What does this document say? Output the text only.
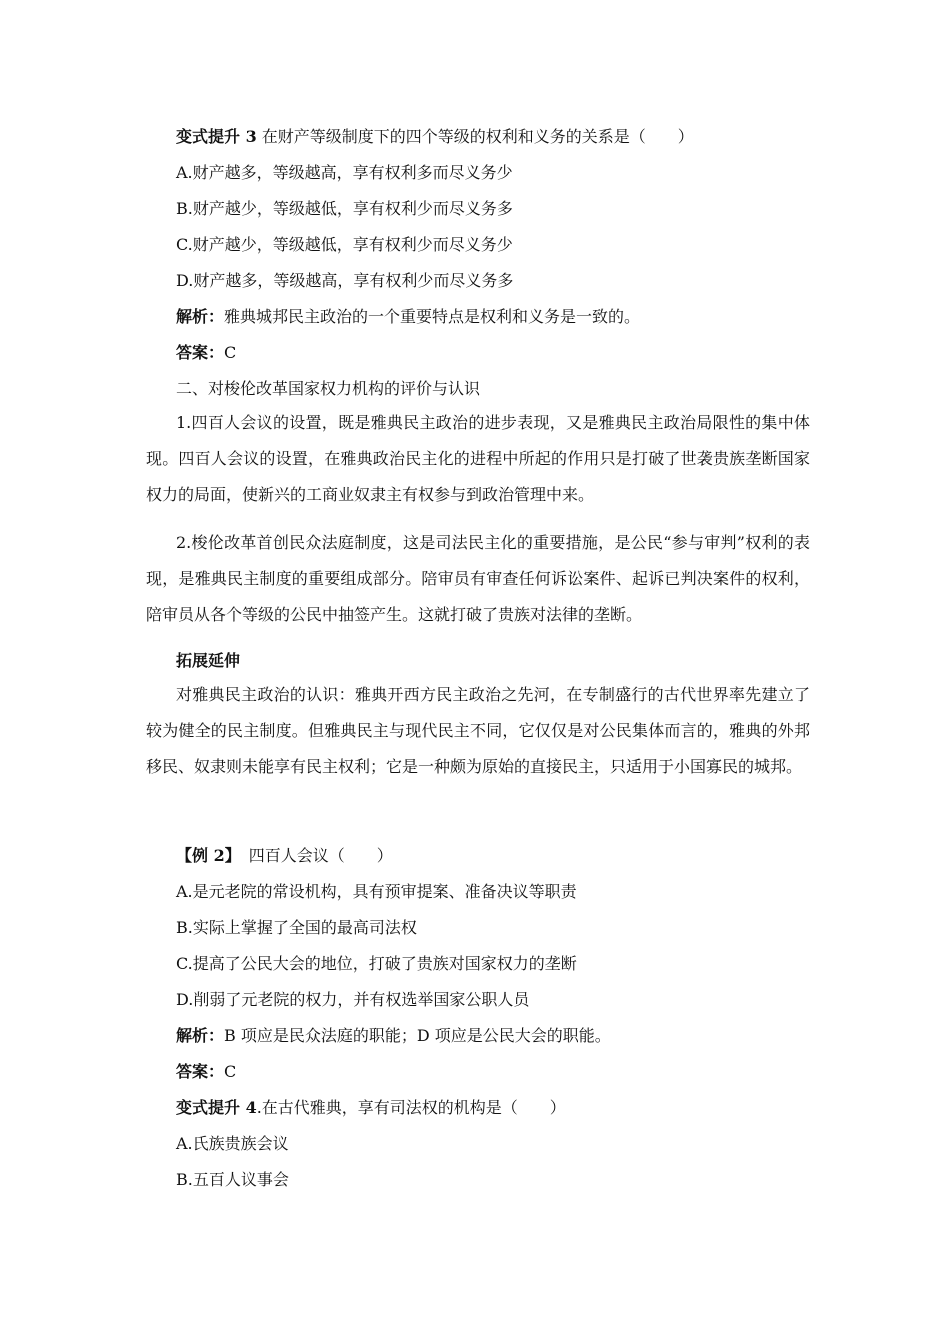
变式提升 3 在财产等级制度下的四个等级的权利和义务的关系是（　　）
A.财产越多，等级越高，享有权利多而尽义务少
B.财产越少，等级越低，享有权利少而尽义务多
C.财产越少，等级越低，享有权利少而尽义务少
D.财产越多，等级越高，享有权利少而尽义务多
解析：雅典城邦民主政治的一个重要特点是权利和义务是一致的。
答案：C
二、对梭伦改革国家权力机构的评价与认识
1.四百人会议的设置，既是雅典民主政治的进步表现，又是雅典民主政治局限性的集中体现。四百人会议的设置，在雅典政治民主化的进程中所起的作用只是打破了世袭贵族垄断国家权力的局面，使新兴的工商业奴隶主有权参与到政治管理中来。
2.梭伦改革首创民众法庭制度，这是司法民主化的重要措施，是公民“参与审判”权利的表现，是雅典民主制度的重要组成部分。陪审员有审查任何诉讼案件、起诉已判决案件的权利，陪审员从各个等级的公民中抽签产生。这就打破了贵族对法律的垄断。
拓展延伸
对雅典民主政治的认识：雅典开西方民主政治之先河，在专制盛行的古代世界率先建立了较为健全的民主制度。但雅典民主与现代民主不同，它仅仅是对公民集体而言的，雅典的外邦移民、奴隶则未能享有民主权利；它是一种颇为原始的直接民主，只适用于小国寡民的城邦。
【例 2】　四百人会议（　　）
A.是元老院的常设机构，具有预审提案、准备决议等职责
B.实际上掌握了全国的最高司法权
C.提高了公民大会的地位，打破了贵族对国家权力的垄断
D.削弱了元老院的权力，并有权选举国家公职人员
解析：B 项应是民众法庭的职能；D 项应是公民大会的职能。
答案：C
变式提升 4.在古代雅典，享有司法权的机构是（　　）
A.氏族贵族会议
B.五百人议事会
